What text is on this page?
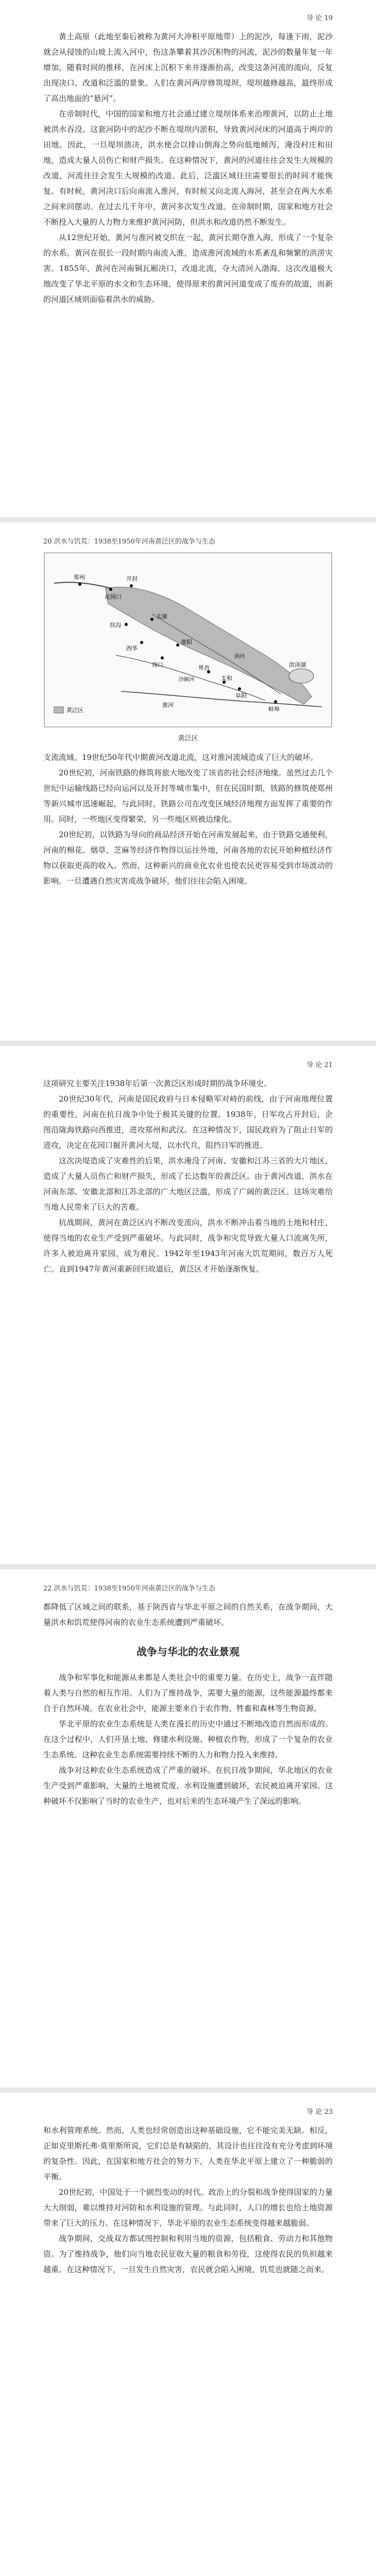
导 论 19

黄土高原（此地至秦后被称为黄河大冲积平原地带）上的泥沙，每逢下雨，泥沙就会从侵蚀的山坡上流入河中，伤这条攀着其沙沉积物的河流，泥沙的数量年复一年增加，随着时间的推移，在河床上沉积下来并逐渐抬高，改变这条河流的流向，反复出现决口、改道和泛滥的景象。人们在黄河两岸修筑堤坝，堤坝越修越高，最终形成了高出地面的“悬河”。

在帝制时代，中国的国家和地方社会通过建立堤坝体系来治理黄河，以防止土地被洪水吞没。这套河防中的泥沙不断在堤坝内淤积，导致黄河河床的河道高于两岸的田地。因此，一旦堤坝溃决，洪水便会以排山倒海之势向低地倾泻，淹没村庄和田地，造成大量人员伤亡和财产损失。在这种情况下，黄河的河道往往会发生大规模的改道，河流往往会发生大规模的改道。此后，泛滥区域往往需要很长的时间才能恢复。有时候，黄河决口后向南流入淮河，有时候又向北流入海河，甚至会在两大水系之间来回摆动。在过去几千年中，黄河多次发生改道。在帝制时期，国家和地方社会不断投入大量的人力物力来维护黄河河防，但洪水和改道仍然不断发生。

从12世纪开始，黄河与淮河被交织在一起，黄河长期夺淮入海，形成了一个复杂的水系。黄河在很长一段时期内南流入淮，造成淮河流域的水系紊乱和频繁的洪涝灾害。1855年，黄河在河南铜瓦厢决口，改道北流，夺大清河入渤海。这次改道极大地改变了华北平原的水文和生态环境，使得原来的黄河河道变成了废弃的故道，而新的河道区域则面临着洪水的威胁。

20 洪水与饥荒：1938至1950年河南黄泛区的战争与生态
郑州
花园口
开封
太康
扶沟
西华
周口
淮阳
界首
太和
阜阳
蚌埠
洪泽湖
淮河
沙颍河
涡河
黄泛区
黄泛区

支流流域。19世纪50年代中期黄河改道北流，这对淮河流域造成了巨大的破坏。

20世纪初，河南铁路的修筑将旅大地改变了该省的社会经济地缘。虽然过去几个世纪中运输线路已经向运河以及开封等城市集中，但在民国时期，铁路的修筑使郑州等新兴城市迅速崛起，与此同时，铁路公司在改变区域经济地理方面发挥了重要的作用。同时，一些地区变得繁荣，另一些地区则被边缘化。

20世纪初，以铁路为导向的商品经济开始在河南发展起来，由于铁路交通便利，河南的棉花、烟草、芝麻等经济作物得以运往外地，河南各地的农民开始种植经济作物以获取更高的收入。然而，这种新兴的商业化农业也使农民更容易受到市场波动的影响。一旦遭遇自然灾害或战争破坏，他们往往会陷入困境。

导 论 21

这项研究主要关注1938年后第一次黄泛区形成时期的战争环境史。

20世纪30年代，河南是国民政府与日本侵略军对峙的前线，由于河南地理位置的重要性，河南在抗日战争中处于极其关键的位置。1938年，日军攻占开封后，企图沿陇海铁路向西推进，进攻郑州和武汉。在这种情况下，国民政府为了阻止日军的进攻，决定在花园口掘开黄河大堤，以水代兵，阻挡日军的推进。

这次决堤造成了灾难性的后果，洪水淹没了河南、安徽和江苏三省的大片地区，造成了大量人员伤亡和财产损失，形成了长达数年的黄泛区。由于黄河改道，洪水在河南东部、安徽北部和江苏北部的广大地区泛滥，形成了广阔的黄泛区。这场灾难给当地人民带来了巨大的苦难。

抗战期间，黄河在黄泛区内不断改变流向，洪水不断冲击着当地的土地和村庄，使得当地的农业生产受到严重破坏。与此同时，战争和灾荒导致大量人口流离失所，许多人被迫离开家园，成为难民。1942年至1943年河南大饥荒期间，数百万人死亡。直到1947年黄河重新回归故道后，黄泛区才开始逐渐恢复。

22 洪水与饥荒：1938至1950年河南黄泛区的战争与生态

都降低了区域之间的联系，基于陕西省与华北平原之间的自然关系，在战争期间，大量洪水和饥荒使得河南的农业生态系统遭到严重破坏。

战争与华北的农业景观

战争和军事化和能源从来都是人类社会中的重要力量。在历史上，战争一直伴随着人类与自然的相互作用。人们为了维持战争，需要大量的能源，这些能源最终都来自于自然环境。在农业社会中，能源主要来自于农作物、牲畜和森林等生物资源。

华北平原的农业生态系统是人类在漫长的历史中通过不断地改造自然而形成的。在这个过程中，人们开垦土地、修建水利设施、种植农作物，形成了一个复杂的农业生态系统。这种农业生态系统需要持续不断的人力和物力投入来维持。

战争对这种农业生态系统造成了严重的破坏。在抗日战争期间，华北地区的农业生产受到严重影响，大量的土地被荒废，水利设施遭到破坏，农民被迫离开家园。这种破坏不仅影响了当时的农业生产，也对后来的生态环境产生了深远的影响。

导 论 23

和水利管理系统。然而，人类也经常创造出这种基础设施，它不能完美无缺。相反，正如克里斯托弗·莫里斯所说，它们总是有缺陷的，其设计也往往没有充分考虑到环境的复杂性。因此，在国家和地方社会的努力下，人类在华北平原上建立了一种脆弱的平衡。

20世纪初，中国处于一个剧烈变动的时代。政治上的分裂和战争使得国家的力量大大削弱，难以维持对河防和水利设施的管理。与此同时，人口的增长也给土地资源带来了巨大的压力。在这种情况下，华北平原的农业生态系统变得越来越脆弱。

战争期间，交战双方都试图控制和利用当地的资源，包括粮食、劳动力和其他物资。为了维持战争，他们向当地农民征收大量的粮食和劳役，这使得农民的负担越来越重。在这种情况下，一旦发生自然灾害，农民就会陷入困境，饥荒也就随之而来。
